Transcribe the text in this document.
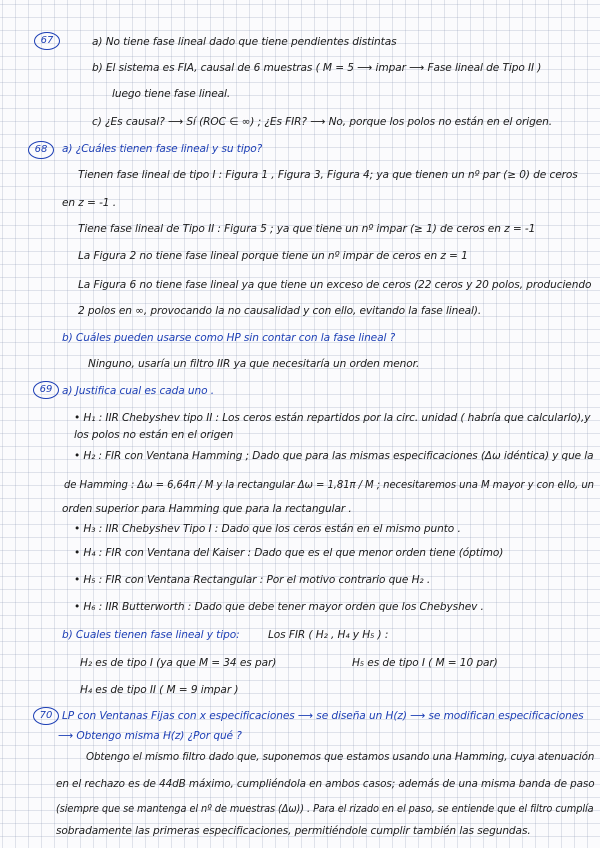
67
68
69
70
a) No tiene fase lineal dado que tiene pendientes distintas
b) El sistema es FIA, causal de 6 muestras ( M = 5 ⟶ impar ⟶ Fase lineal de Tipo II )
luego tiene fase lineal.
c) ¿Es causal? ⟶ Sí (ROC ∈ ∞) ; ¿Es FIR? ⟶ No, porque los polos no están en el origen.
a) ¿Cuáles tienen fase lineal y su tipo?
Tienen fase lineal de tipo I : Figura 1 , Figura 3, Figura 4; ya que tienen un nº par (≥ 0) de ceros
en z = -1 .
Tiene fase lineal de Tipo II : Figura 5 ; ya que tiene un nº impar (≥ 1) de ceros en z = -1
La Figura 2 no tiene fase lineal porque tiene un nº impar de ceros en z = 1
La Figura 6 no tiene fase lineal ya que tiene un exceso de ceros (22 ceros y 20 polos, produciendo
2 polos en ∞, provocando la no causalidad y con ello, evitando la fase lineal).
b) Cuáles pueden usarse como HP sin contar con la fase lineal ?
Ninguno, usaría un filtro IIR ya que necesitaría un orden menor.
a) Justifica cual es cada uno .
• H₁ : IIR Chebyshev tipo II : Los ceros están repartidos por la circ. unidad ( habría que calcularlo),y
los polos no están en el origen
• H₂ : FIR con Ventana Hamming ; Dado que para las mismas especificaciones (Δω idéntica) y que la
de Hamming : Δω = 6,64π / M y la rectangular Δω = 1,81π / M ; necesitaremos una M mayor y con ello, un
orden superior para Hamming que para la rectangular .
• H₃ : IIR Chebyshev Tipo I : Dado que los ceros están en el mismo punto .
• H₄ : FIR con Ventana del Kaiser : Dado que es el que menor orden tiene (óptimo)
• H₅ : FIR con Ventana Rectangular : Por el motivo contrario que H₂ .
• H₆ : IIR Butterworth : Dado que debe tener mayor orden que los Chebyshev .
b) Cuales tienen fase lineal y tipo:	Los FIR ( H₂ , H₄ y H₅ ) :
H₂ es de tipo I (ya que M = 34 es par)	H₅ es de tipo I ( M = 10 par)
H₄ es de tipo II ( M = 9 impar )
LP con Ventanas Fijas con x especificaciones ⟶ se diseña un H(z) ⟶ se modifican especificaciones
⟶ Obtengo misma H(z) ¿Por qué ?
Obtengo el mismo filtro dado que, suponemos que estamos usando una Hamming, cuya atenuación
en el rechazo es de 44dB máximo, cumpliéndola en ambos casos; además de una misma banda de paso
(siempre que se mantenga el nº de muestras (Δω)) . Para el rizado en el paso, se entiende que el filtro cumplía
sobradamente las primeras especificaciones, permitiéndole cumplir también las segundas.
